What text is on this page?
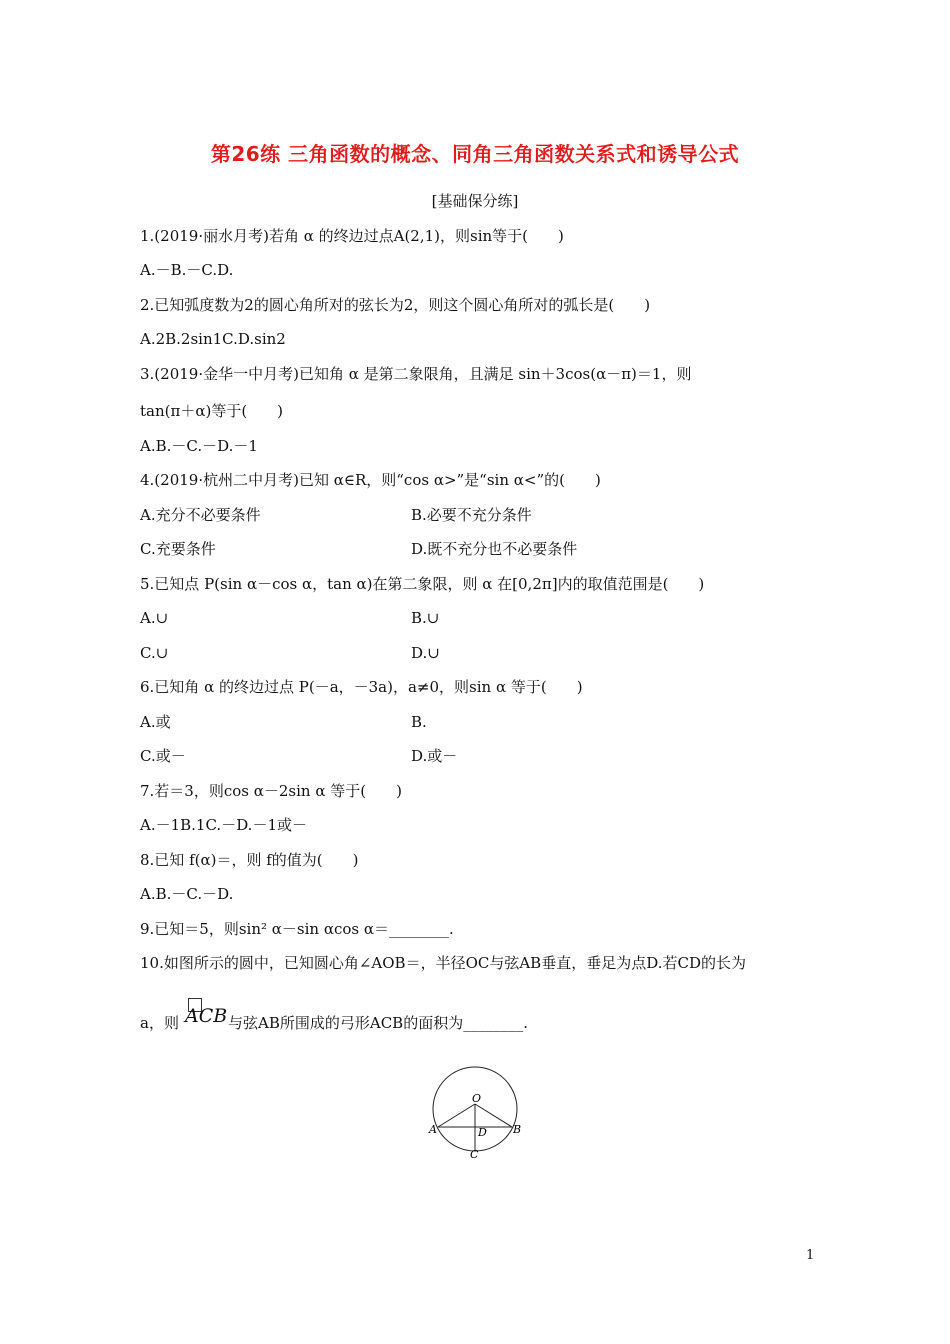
第26练 三角函数的概念、同角三角函数关系式和诱导公式
[基础保分练]
1.(2019·丽水月考)若角 α 的终边过点A(2,1)，则sin等于(　　)
A.－B.－C.D.
2.已知弧度数为2的圆心角所对的弦长为2，则这个圆心角所对的弧长是(　　)
A.2B.2sin1C.D.sin2
3.(2019·金华一中月考)已知角 α 是第二象限角，且满足 sin＋3cos(α－π)＝1，则
tan(π＋α)等于(　　)
A.B.－C.－D.－1
4.(2019·杭州二中月考)已知 α∈R，则“cos α>”是“sin α<”的(　　)
A.充分不必要条件	B.必要不充分条件
C.充要条件	D.既不充分也不必要条件
5.已知点 P(sin α－cos α，tan α)在第二象限，则 α 在[0,2π]内的取值范围是(　　)
A.∪	B.∪
C.∪	D.∪
6.已知角 α 的终边过点 P(－a，－3a)，a≠0，则sin α 等于(　　)
A.或	B.
C.或－	D.或－
7.若＝3，则cos α－2sin α 等于(　　)
A.－1B.1C.－D.－1或－
8.已知 f(α)＝，则 f的值为(　　)
A.B.－C.－D.
9.已知＝5，则sin² α－sin αcos α＝________.
10.如图所示的圆中，已知圆心角∠AOB＝，半径OC与弦AB垂直，垂足为点D.若CD的长为
a，则 ACB 与弦AB所围成的弓形ACB的面积为________.
O
A	B
D
C
1
